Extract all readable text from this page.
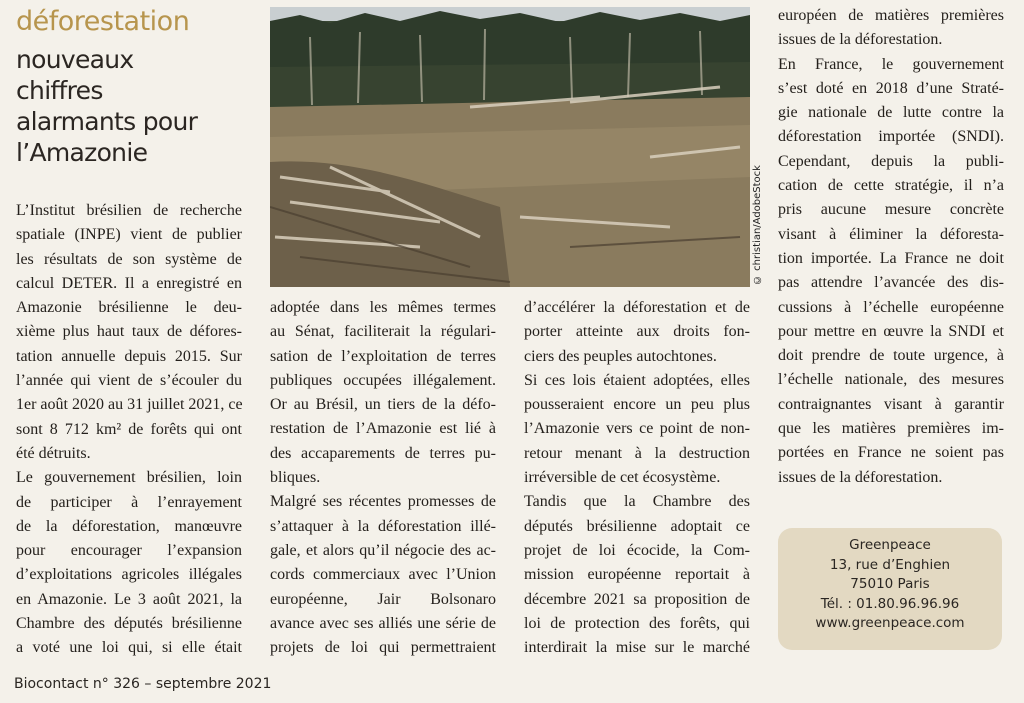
déforestation
nouveaux
chiffres
alarmants pour
l’Amazonie
© christian/AdobeStock
L’Institut brésilien de recherche
spatiale (INPE) vient de publier
les résultats de son système de
calcul DETER. Il a enregistré en
Amazonie brésilienne le deu-
xième plus haut taux de défores-
tation annuelle depuis 2015. Sur
l’année qui vient de s’écouler du
1er août 2020 au 31 juillet 2021, ce
sont 8 712 km² de forêts qui ont
été détruits.
Le gouvernement brésilien, loin
de participer à l’enrayement
de la déforestation, manœuvre
pour encourager l’expansion
d’exploitations agricoles illégales
en Amazonie. Le 3 août 2021, la
Chambre des députés brésilienne
a voté une loi qui, si elle était
adoptée dans les mêmes termes
au Sénat, faciliterait la régulari-
sation de l’exploitation de terres
publiques occupées illégalement.
Or au Brésil, un tiers de la défo-
restation de l’Amazonie est lié à
des accaparements de terres pu-
bliques.
Malgré ses récentes promesses de
s’attaquer à la déforestation illé-
gale, et alors qu’il négocie des ac-
cords commerciaux avec l’Union
européenne, Jair Bolsonaro
avance avec ses alliés une série de
projets de loi qui permettraient
d’accélérer la déforestation et de
porter atteinte aux droits fon-
ciers des peuples autochtones.
Si ces lois étaient adoptées, elles
pousseraient encore un peu plus
l’Amazonie vers ce point de non-
retour menant à la destruction
irréversible de cet écosystème.
Tandis que la Chambre des
députés brésilienne adoptait ce
projet de loi écocide, la Com-
mission européenne reportait à
décembre 2021 sa proposition de
loi de protection des forêts, qui
interdirait la mise sur le marché
européen de matières premières
issues de la déforestation.
En France, le gouvernement
s’est doté en 2018 d’une Straté-
gie nationale de lutte contre la
déforestation importée (SNDI).
Cependant, depuis la publi-
cation de cette stratégie, il n’a
pris aucune mesure concrète
visant à éliminer la déforesta-
tion importée. La France ne doit
pas attendre l’avancée des dis-
cussions à l’échelle européenne
pour mettre en œuvre la SNDI et
doit prendre de toute urgence, à
l’échelle nationale, des mesures
contraignantes visant à garantir
que les matières premières im-
portées en France ne soient pas
issues de la déforestation.
Greenpeace
13, rue d’Enghien
75010 Paris
Tél. : 01.80.96.96.96
www.greenpeace.com
Biocontact n° 326 – septembre 2021
